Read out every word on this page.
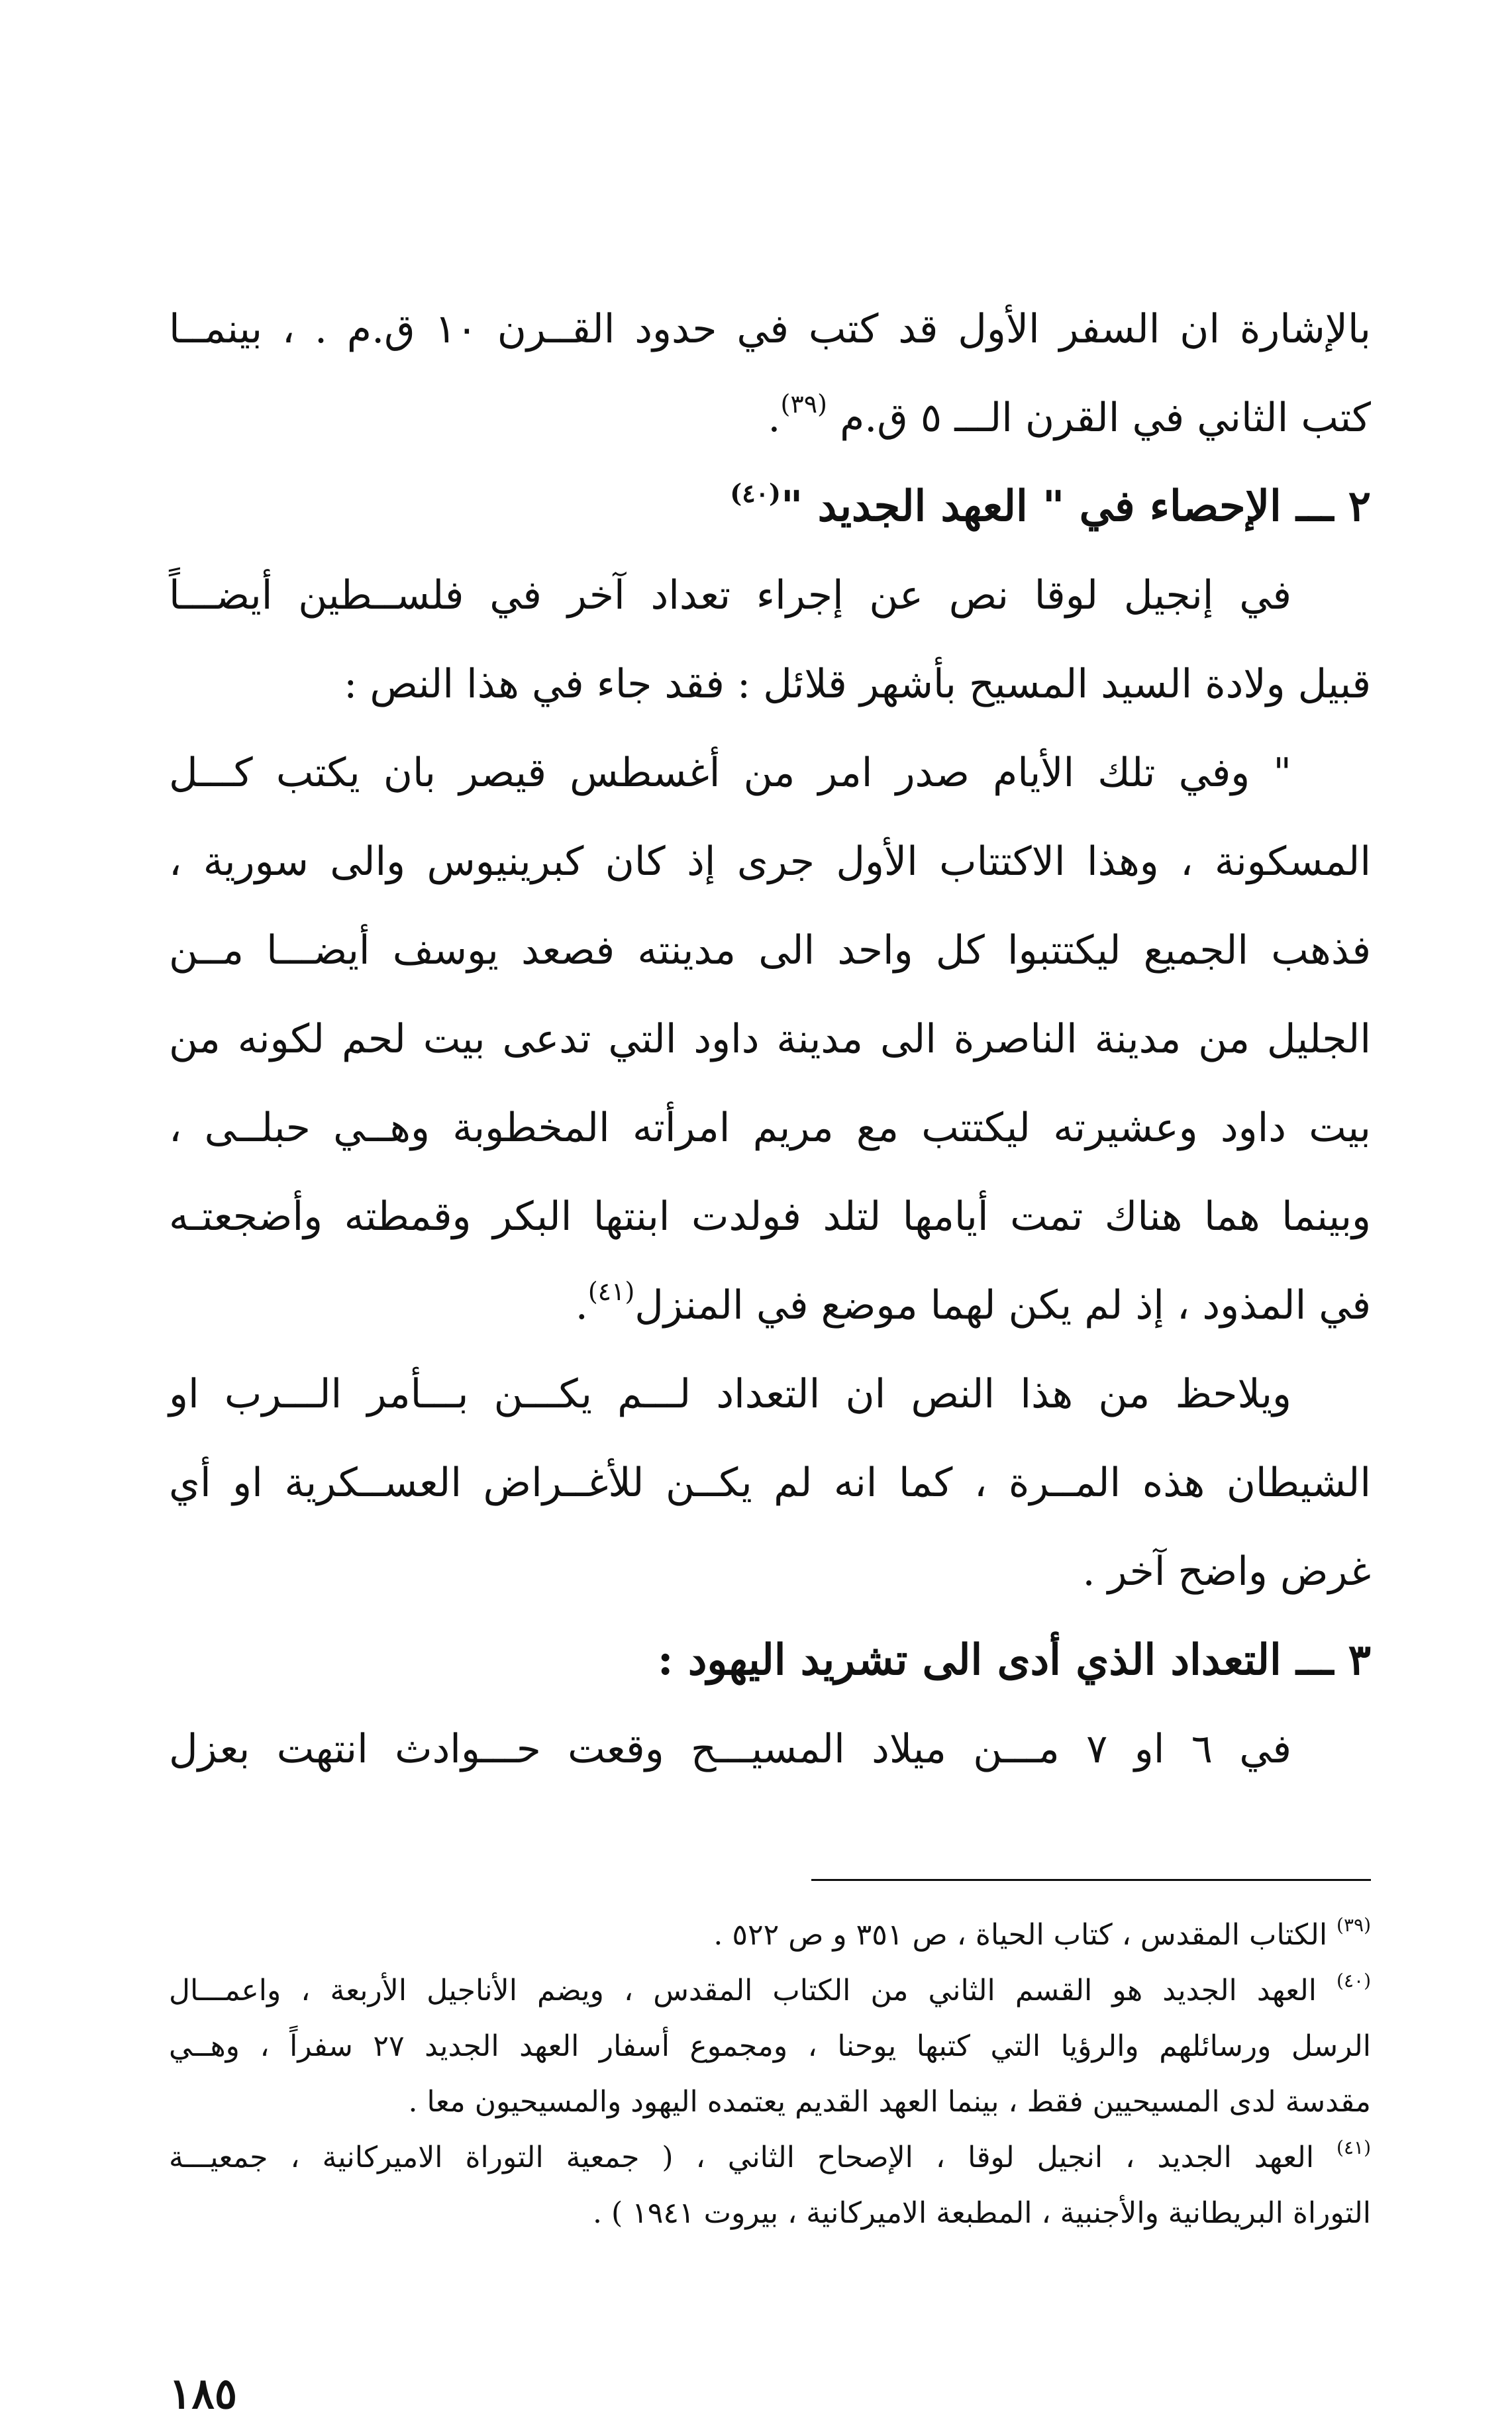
بالإشارة ان السفر الأول قد كتب في حدود القــرن ١٠ ق.م . ، بينمــا
كتب الثاني في القرن الـــ ٥ ق.م $^{(٣٩)}$.
٢ ـــ الإحصاء في " العهد الجديد "$^{(٤٠)}$
في إنجيل لوقا نص عن إجراء تعداد آخر في فلســطين أيضـــاً
قبيل ولادة السيد المسيح بأشهر قلائل : فقد جاء في هذا النص :
" وفي تلك الأيام صدر امر من أغسطس قيصر بان يكتب كـــل
المسكونة ، وهذا الاكتتاب الأول جرى إذ كان كبرينيوس والى سورية ،
فذهب الجميع ليكتتبوا كل واحد الى مدينته فصعد يوسف أيضـــا مــن
الجليل من مدينة الناصرة الى مدينة داود التي تدعى بيت لحم لكونه من
بيت داود وعشيرته ليكتتب مع مريم امرأته المخطوبة وهــي حبلــى ،
وبينما هما هناك تمت أيامها لتلد فولدت ابنتها البكر وقمطته وأضجعتـه
في المذود ، إذ لم يكن لهما موضع في المنزل$^{(٤١)}$.
ويلاحظ من هذا النص ان التعداد لـــم يكـــن بـــأمر الـــرب او
الشيطان هذه المــرة ، كما انه لم يكــن للأغــراض العســكرية او أي
غرض واضح آخر .
٣ ـــ التعداد الذي أدى الى تشريد اليهود :
في ٦ او ٧ مـــن ميلاد المسيـــح وقعت حـــوادث انتهت بعزل
$^{(٣٩)}$ الكتاب المقدس ، كتاب الحياة ، ص ٣٥١ و ص ٥٢٢ .
$^{(٤٠)}$ العهد الجديد هو القسم الثاني من الكتاب المقدس ، ويضم الأناجيل الأربعة ، واعمـــال
الرسل ورسائلهم والرؤيا التي كتبها يوحنا ، ومجموع أسفار العهد الجديد ٢٧ سفراً ، وهــي
مقدسة لدى المسيحيين فقط ، بينما العهد القديم يعتمده اليهود والمسيحيون معا .
$^{(٤١)}$ العهد الجديد ، انجيل لوقا ، الإصحاح الثاني ، ( جمعية التوراة الاميركانية ، جمعيـــة
التوراة البريطانية والأجنبية ، المطبعة الاميركانية ، بيروت ١٩٤١ ) .
١٨٥
